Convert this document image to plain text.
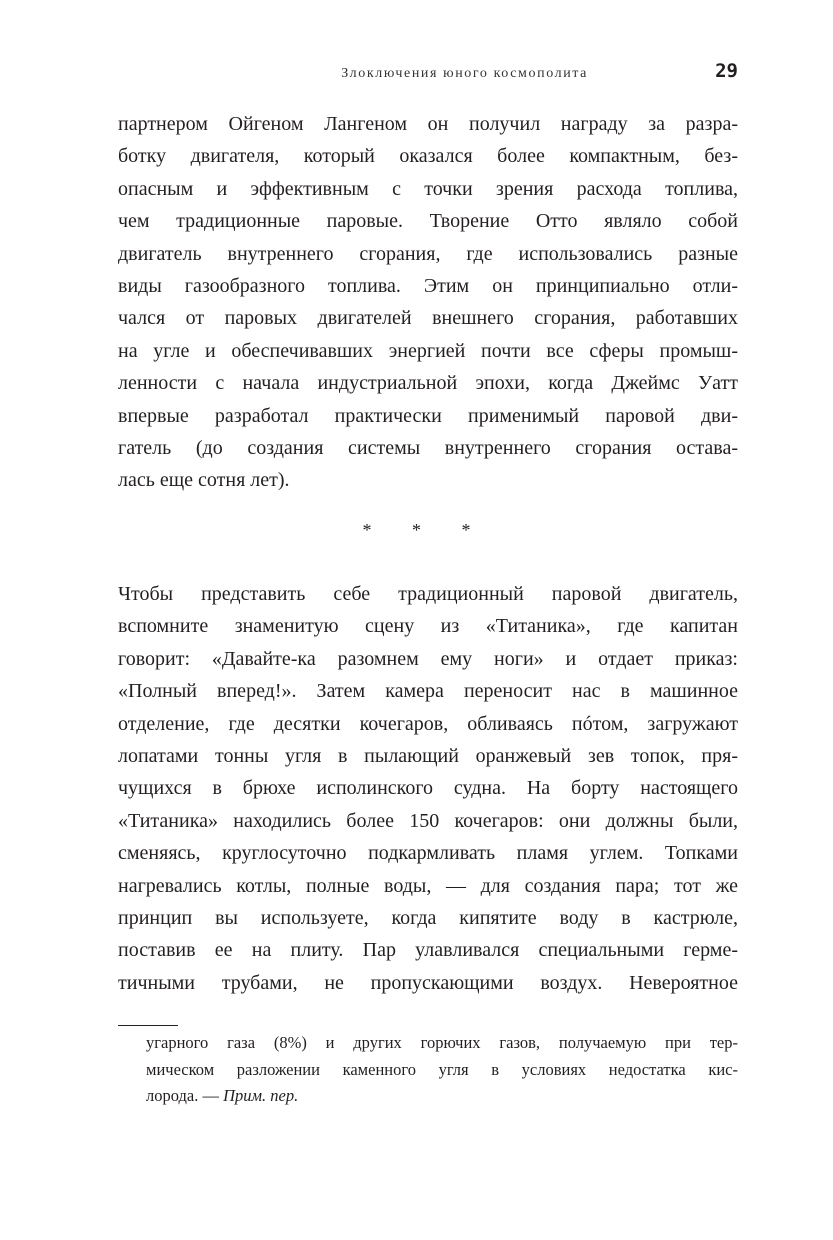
Злоключения юного космополита	29
партнером Ойгеном Лангеном он получил награду за разра-
ботку двигателя, который оказался более компактным, без-
опасным и эффективным с точки зрения расхода топлива,
чем традиционные паровые. Творение Отто являло собой
двигатель внутреннего сгорания, где использовались разные
виды газообразного топлива. Этим он принципиально отли-
чался от паровых двигателей внешнего сгорания, работавших
на угле и обеспечивавших энергией почти все сферы промыш-
ленности с начала индустриальной эпохи, когда Джеймс Уатт
впервые разработал практически применимый паровой дви-
гатель (до создания системы внутреннего сгорания остава-
лась еще сотня лет).
* * *
Чтобы представить себе традиционный паровой двигатель,
вспомните знаменитую сцену из «Титаника», где капитан
говорит: «Давайте-ка разомнем ему ноги» и отдает приказ:
«Полный вперед!». Затем камера переносит нас в машинное
отделение, где десятки кочегаров, обливаясь пóтом, загружают
лопатами тонны угля в пылающий оранжевый зев топок, пря-
чущихся в брюхе исполинского судна. На борту настоящего
«Титаника» находились более 150 кочегаров: они должны были,
сменяясь, круглосуточно подкармливать пламя углем. Топками
нагревались котлы, полные воды, — для создания пара; тот же
принцип вы используете, когда кипятите воду в кастрюле,
поставив ее на плиту. Пар улавливался специальными герме-
тичными трубами, не пропускающими воздух. Невероятное
угарного газа (8%) и других горючих газов, получаемую при тер-
мическом разложении каменного угля в условиях недостатка кис-
лорода. — Прим. пер.
